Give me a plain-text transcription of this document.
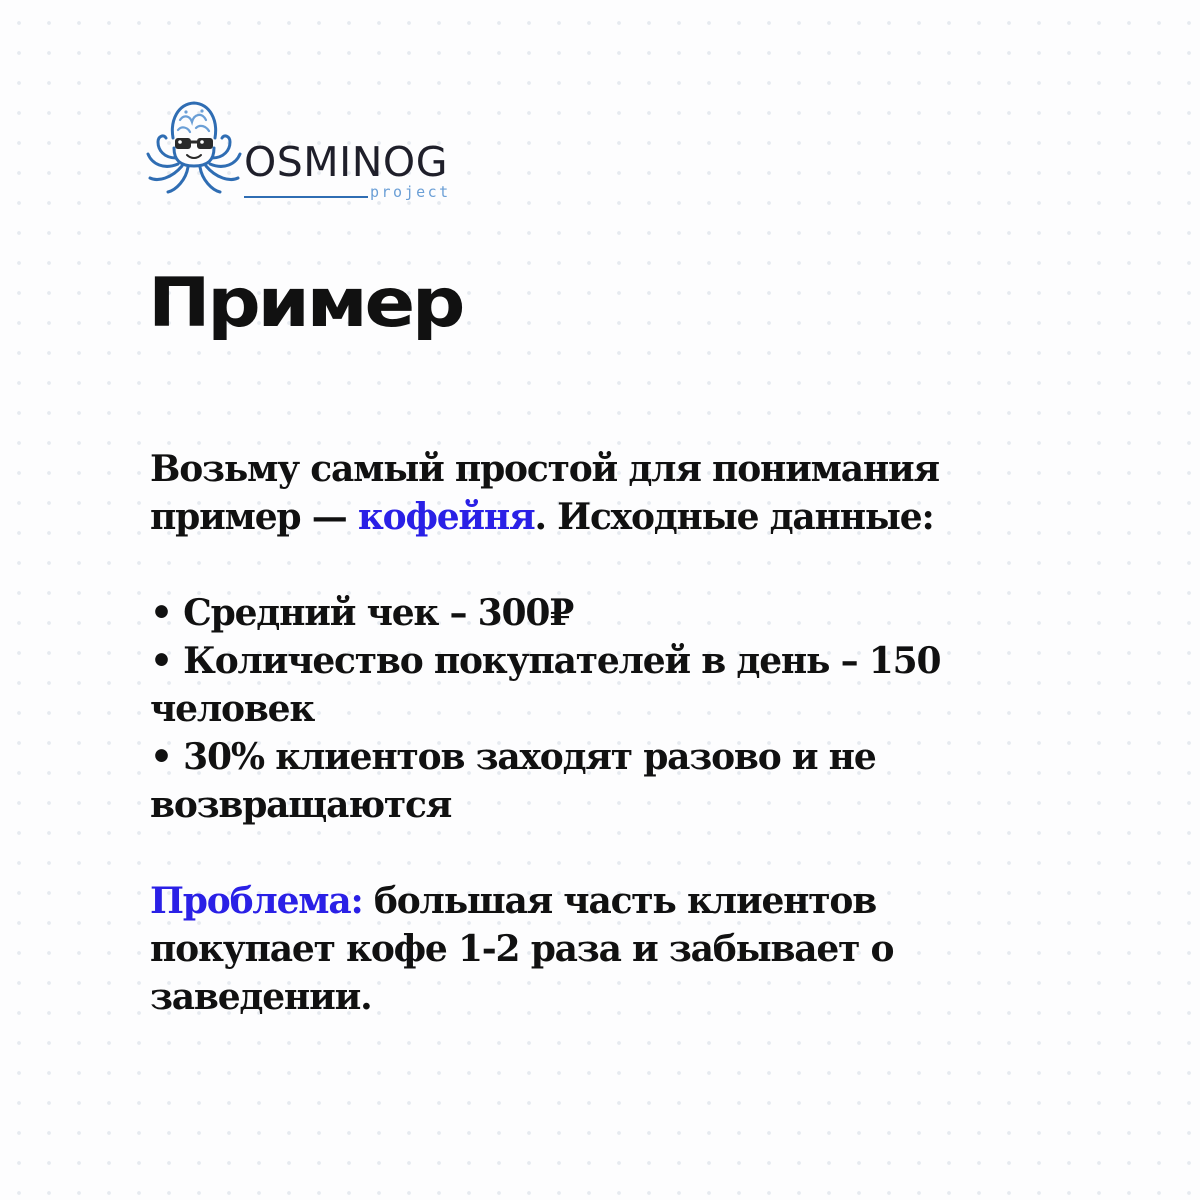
OSMINOG
project
Пример

Возьму самый простой для понимания
пример — кофейня. Исходные данные:

• Средний чек – 300₽

• Количество покупателей в день – 150
человек

• 30% клиентов заходят разово и не
возвращаются

Проблема: большая часть клиентов
покупает кофе 1-2 раза и забывает о
заведении.
